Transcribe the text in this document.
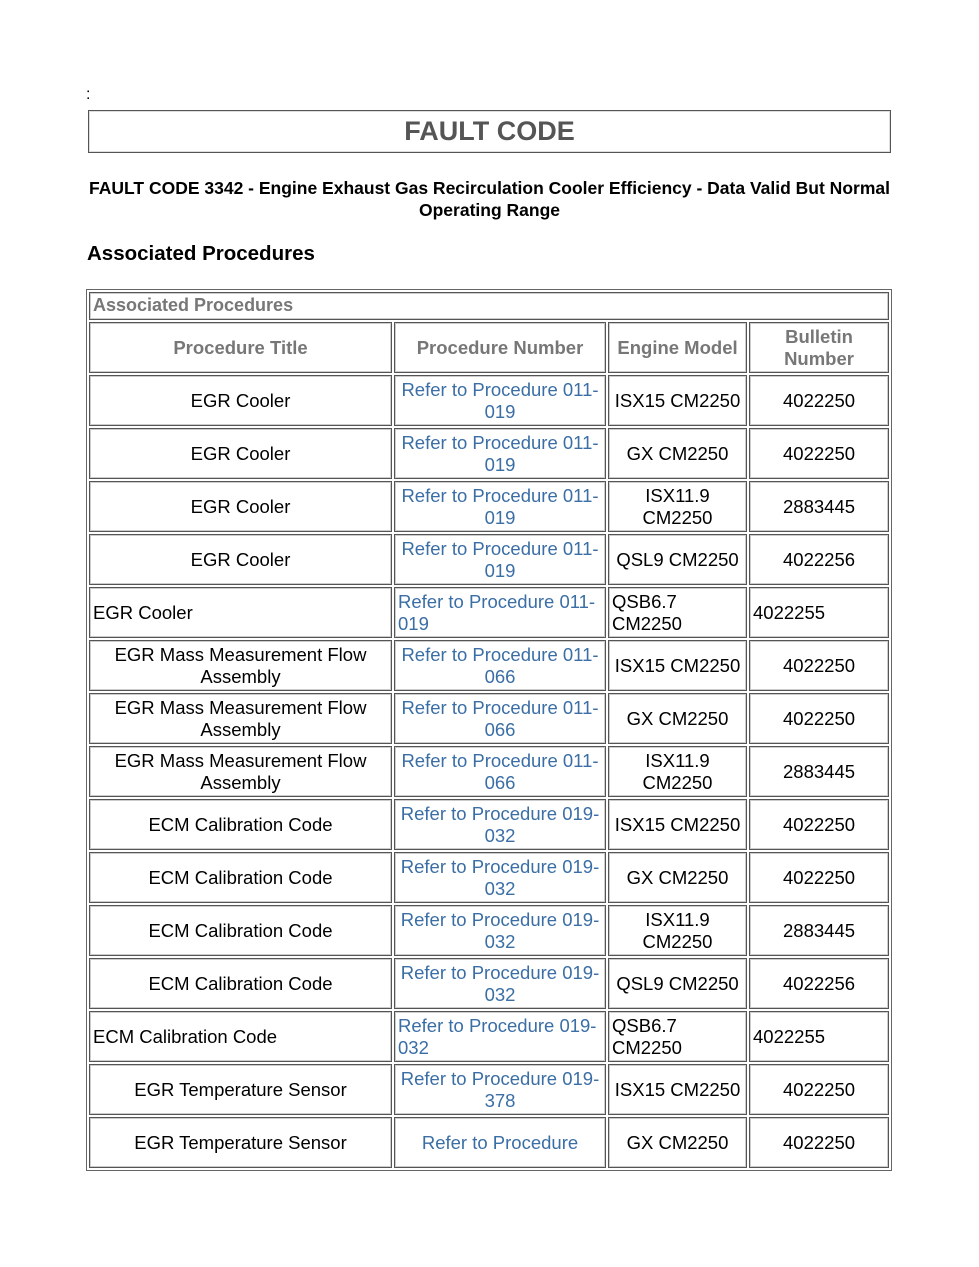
:
FAULT CODE
FAULT CODE 3342 - Engine Exhaust Gas Recirculation Cooler Efficiency - Data Valid But Normal Operating Range
Associated Procedures
Associated Procedures			
Procedure Title	Procedure Number	Engine Model	Bulletin Number
EGR Cooler	Refer to Procedure 011-019	ISX15 CM2250	4022250
EGR Cooler	Refer to Procedure 011-019	GX CM2250	4022250
EGR Cooler	Refer to Procedure 011-019	ISX11.9 CM2250	2883445
EGR Cooler	Refer to Procedure 011-019	QSL9 CM2250	4022256
EGR Cooler	Refer to Procedure 011-019	QSB6.7 CM2250	4022255
EGR Mass Measurement Flow Assembly	Refer to Procedure 011-066	ISX15 CM2250	4022250
EGR Mass Measurement Flow Assembly	Refer to Procedure 011-066	GX CM2250	4022250
EGR Mass Measurement Flow Assembly	Refer to Procedure 011-066	ISX11.9 CM2250	2883445
ECM Calibration Code	Refer to Procedure 019-032	ISX15 CM2250	4022250
ECM Calibration Code	Refer to Procedure 019-032	GX CM2250	4022250
ECM Calibration Code	Refer to Procedure 019-032	ISX11.9 CM2250	2883445
ECM Calibration Code	Refer to Procedure 019-032	QSL9 CM2250	4022256
ECM Calibration Code	Refer to Procedure 019-032	QSB6.7 CM2250	4022255
EGR Temperature Sensor	Refer to Procedure 019-378	ISX15 CM2250	4022250
EGR Temperature Sensor	Refer to Procedure	GX CM2250	4022250
